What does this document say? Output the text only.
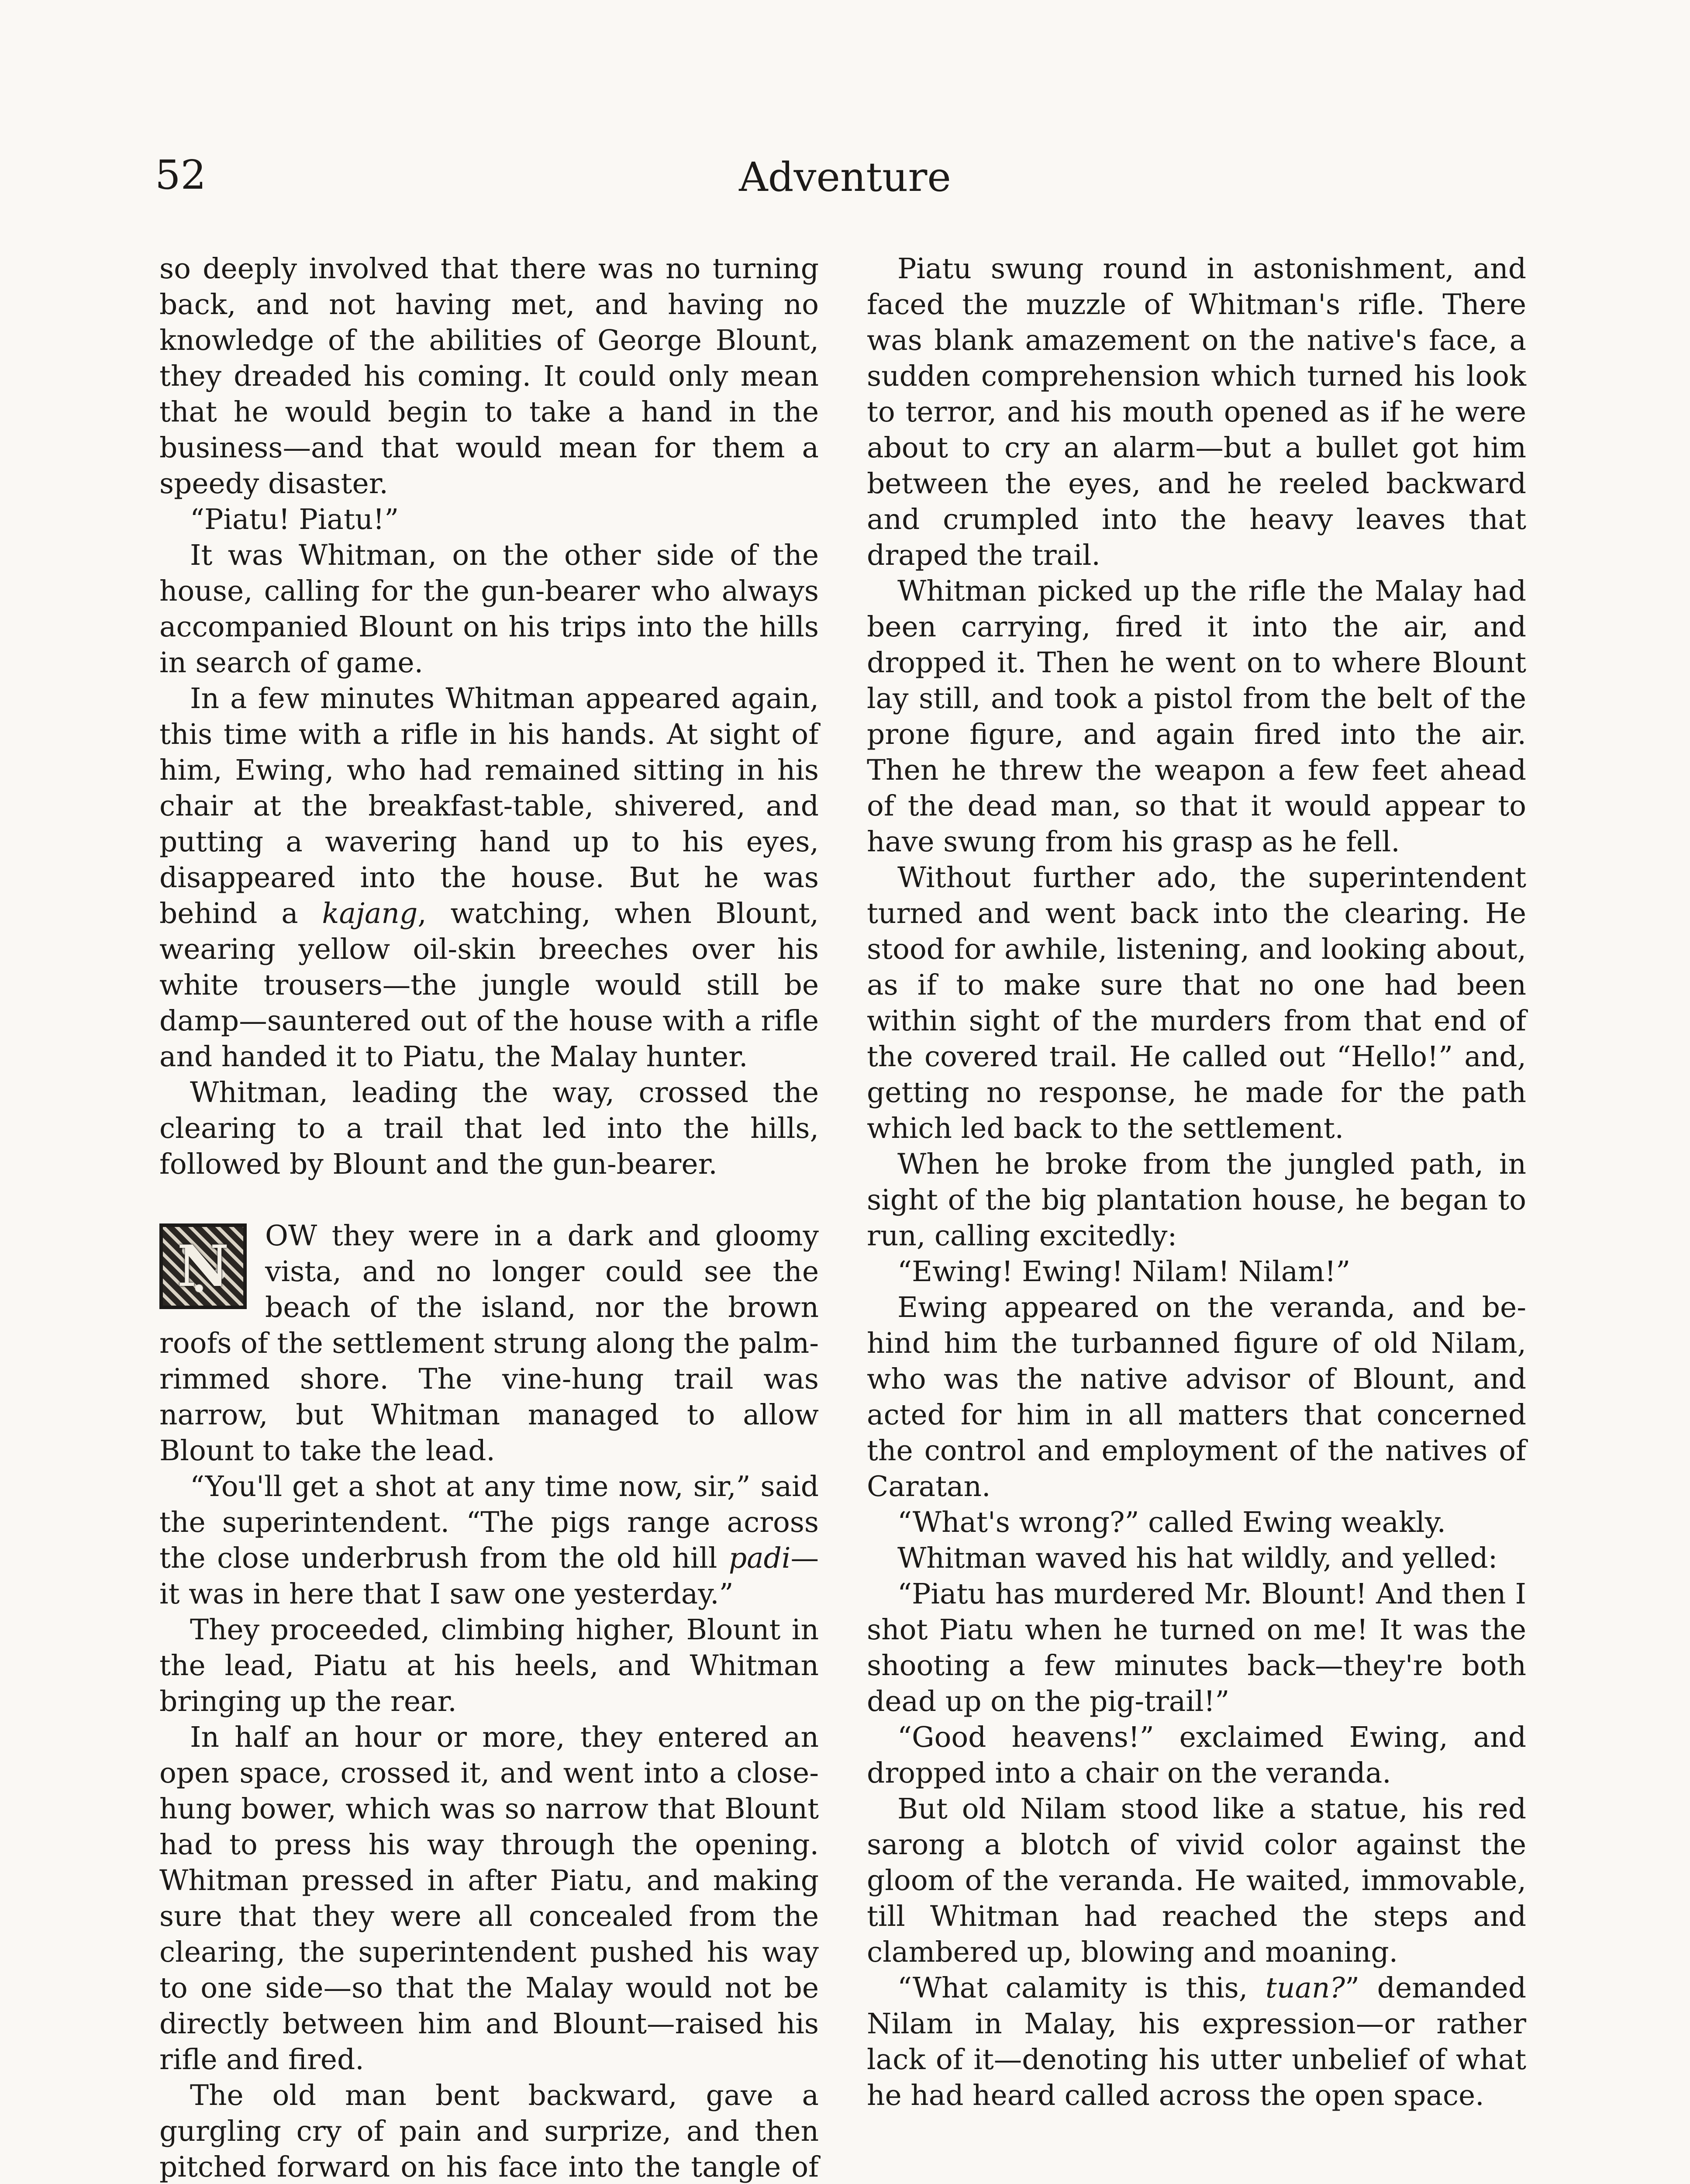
52	Adventure

so deeply involved that there was no turning back, and not having met, and having no knowledge of the abilities of George Blount, they dreaded his coming. It could only mean that he would begin to take a hand in the business—and that would mean for them a speedy disaster.

“Piatu! Piatu!”

It was Whitman, on the other side of the house, calling for the gun-bearer who always accompanied Blount on his trips into the hills in search of game.

In a few minutes Whitman appeared again, this time with a rifle in his hands. At sight of him, Ewing, who had remained sitting in his chair at the breakfast-table, shivered, and putting a wavering hand up to his eyes, disappeared into the house. But he was behind a kajang, watching, when Blount, wearing yellow oil-skin breeches over his white trousers—the jungle would still be damp—sauntered out of the house with a rifle and handed it to Piatu, the Malay hunter.

Whitman, leading the way, crossed the clearing to a trail that led into the hills, followed by Blount and the gun-bearer.

N	OW they were in a dark and gloomy vista, and no longer could see the beach of the island, nor the brown roofs of the settlement strung along the palm-rimmed shore. The vine-hung trail was narrow, but Whitman managed to allow Blount to take the lead.

“You'll get a shot at any time now, sir,” said the superintendent. “The pigs range across the close underbrush from the old hill padi—it was in here that I saw one yesterday.”

They proceeded, climbing higher, Blount in the lead, Piatu at his heels, and Whitman bringing up the rear.

In half an hour or more, they entered an open space, crossed it, and went into a close-hung bower, which was so narrow that Blount had to press his way through the opening. Whitman pressed in after Piatu, and making sure that they were all concealed from the clearing, the superintendent pushed his way to one side—so that the Malay would not be directly between him and Blount—raised his rifle and fired.

The old man bent backward, gave a gurgling cry of pain and surprize, and then pitched forward on his face into the tangle of

Piatu swung round in astonishment, and faced the muzzle of Whitman's rifle. There was blank amazement on the native's face, a sudden comprehension which turned his look to terror, and his mouth opened as if he were about to cry an alarm—but a bullet got him between the eyes, and he reeled backward and crumpled into the heavy leaves that draped the trail.

Whitman picked up the rifle the Malay had been carrying, fired it into the air, and dropped it. Then he went on to where Blount lay still, and took a pistol from the belt of the prone figure, and again fired into the air. Then he threw the weapon a few feet ahead of the dead man, so that it would appear to have swung from his grasp as he fell.

Without further ado, the superintendent turned and went back into the clearing. He stood for awhile, listening, and looking about, as if to make sure that no one had been within sight of the murders from that end of the covered trail. He called out “Hello!” and, getting no response, he made for the path which led back to the settlement.

When he broke from the jungled path, in sight of the big plantation house, he began to run, calling excitedly:

“Ewing! Ewing! Nilam! Nilam!”

Ewing appeared on the veranda, and behind him the turbanned figure of old Nilam, who was the native advisor of Blount, and acted for him in all matters that concerned the control and employment of the natives of Caratan.

“What's wrong?” called Ewing weakly.

Whitman waved his hat wildly, and yelled:

“Piatu has murdered Mr. Blount! And then I shot Piatu when he turned on me! It was the shooting a few minutes back—they're both dead up on the pig-trail!”

“Good heavens!” exclaimed Ewing, and dropped into a chair on the veranda.

But old Nilam stood like a statue, his red sarong a blotch of vivid color against the gloom of the veranda. He waited, immovable, till Whitman had reached the steps and clambered up, blowing and moaning.

“What calamity is this, tuan?” demanded Nilam in Malay, his expression—or rather lack of it—denoting his utter unbelief of what he had heard called across the open space.
